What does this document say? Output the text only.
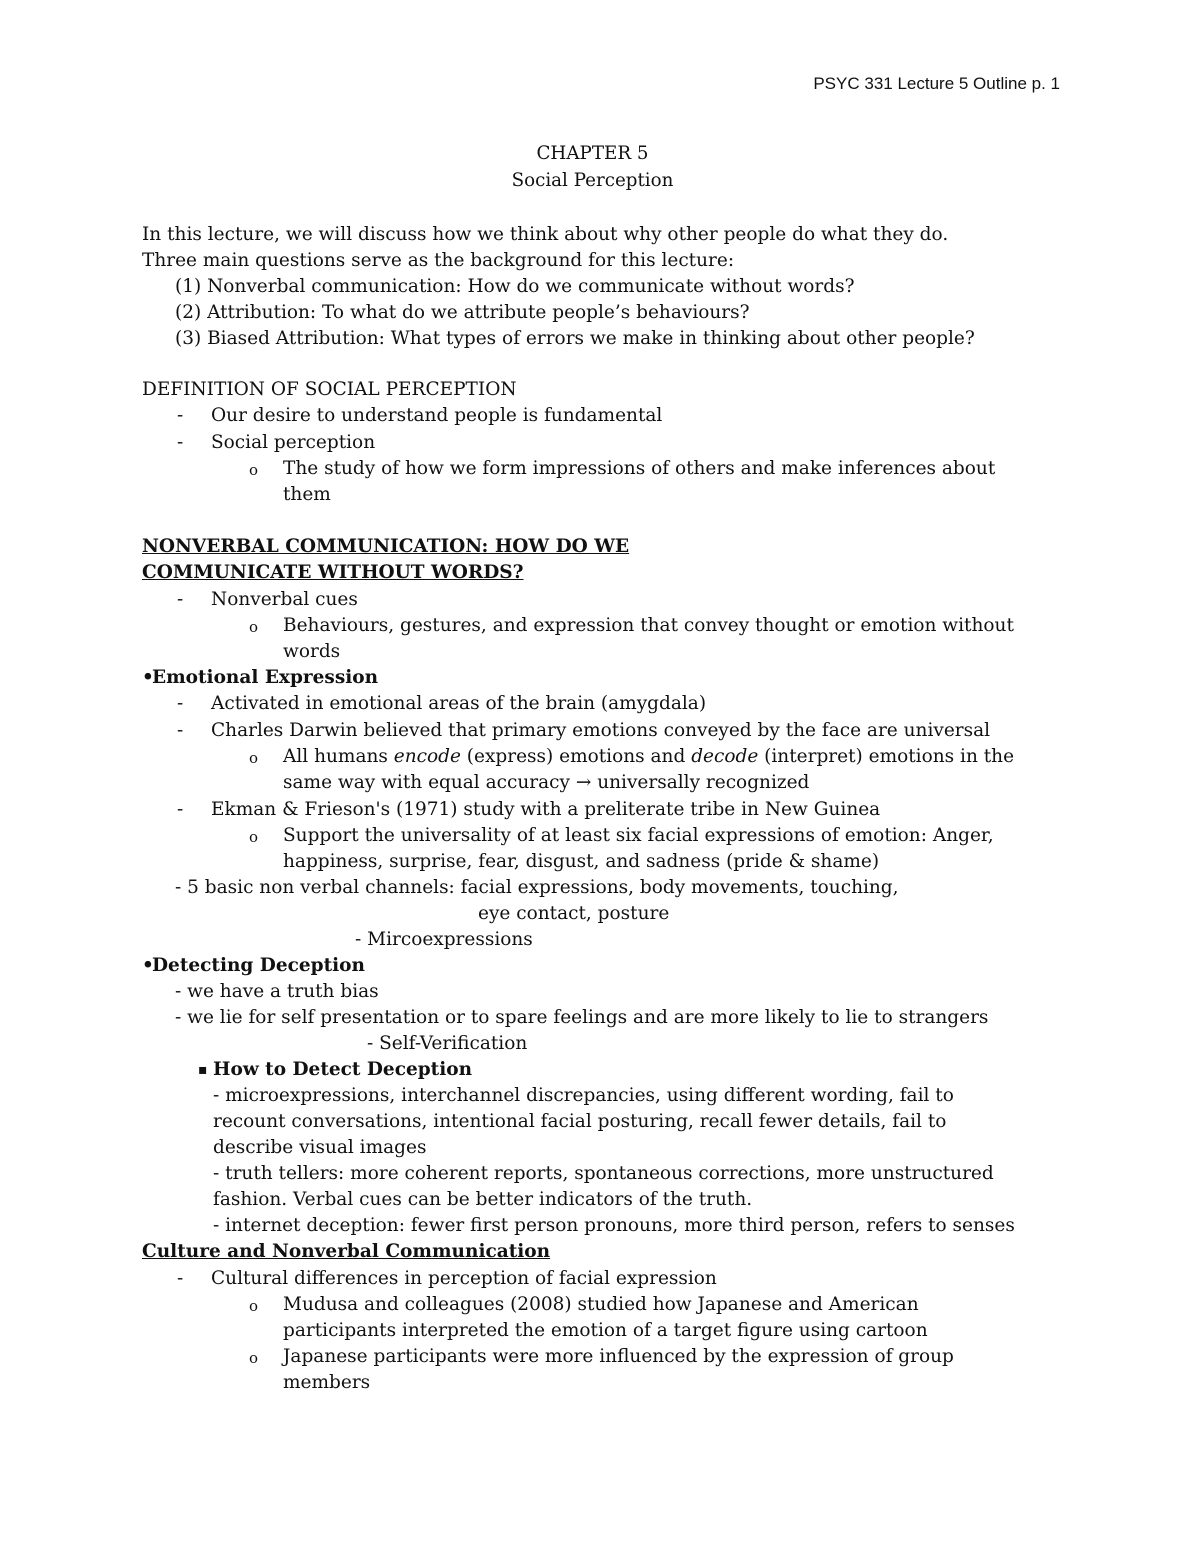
PSYC 331 Lecture 5 Outline p. 1
CHAPTER 5
Social Perception
In this lecture, we will discuss how we think about why other people do what they do.
Three main questions serve as the background for this lecture:
(1) Nonverbal communication: How do we communicate without words?
(2) Attribution: To what do we attribute people’s behaviours?
(3) Biased Attribution: What types of errors we make in thinking about other people?
DEFINITION OF SOCIAL PERCEPTION
- Our desire to understand people is fundamental
- Social perception
o The study of how we form impressions of others and make inferences about
them
NONVERBAL COMMUNICATION: HOW DO WE
COMMUNICATE WITHOUT WORDS?
- Nonverbal cues
o Behaviours, gestures, and expression that convey thought or emotion without
words
•
Emotional Expression
- Activated in emotional areas of the brain (amygdala)
- Charles Darwin believed that primary emotions conveyed by the face are universal
o All humans encode (express) emotions and decode (interpret) emotions in the
same way with equal accuracy → universally recognized
- Ekman & Frieson's (1971) study with a preliterate tribe in New Guinea
o Support the universality of at least six facial expressions of emotion: Anger,
happiness, surprise, fear, disgust, and sadness (pride & shame)
- 5 basic non verbal channels: facial expressions, body movements, touching,
eye contact, posture
- Mircoexpressions
•
Detecting Deception
- we have a truth bias
- we lie for self presentation or to spare feelings and are more likely to lie to strangers
- Self-Verification
▪ How to Detect Deception
- microexpressions, interchannel discrepancies, using different wording, fail to
recount conversations, intentional facial posturing, recall fewer details, fail to
describe visual images
- truth tellers: more coherent reports, spontaneous corrections, more unstructured
fashion. Verbal cues can be better indicators of the truth.
- internet deception: fewer first person pronouns, more third person, refers to senses
Culture and Nonverbal Communication
- Cultural differences in perception of facial expression
o Mudusa and colleagues (2008) studied how Japanese and American
participants interpreted the emotion of a target figure using cartoon
o Japanese participants were more influenced by the expression of group
members
